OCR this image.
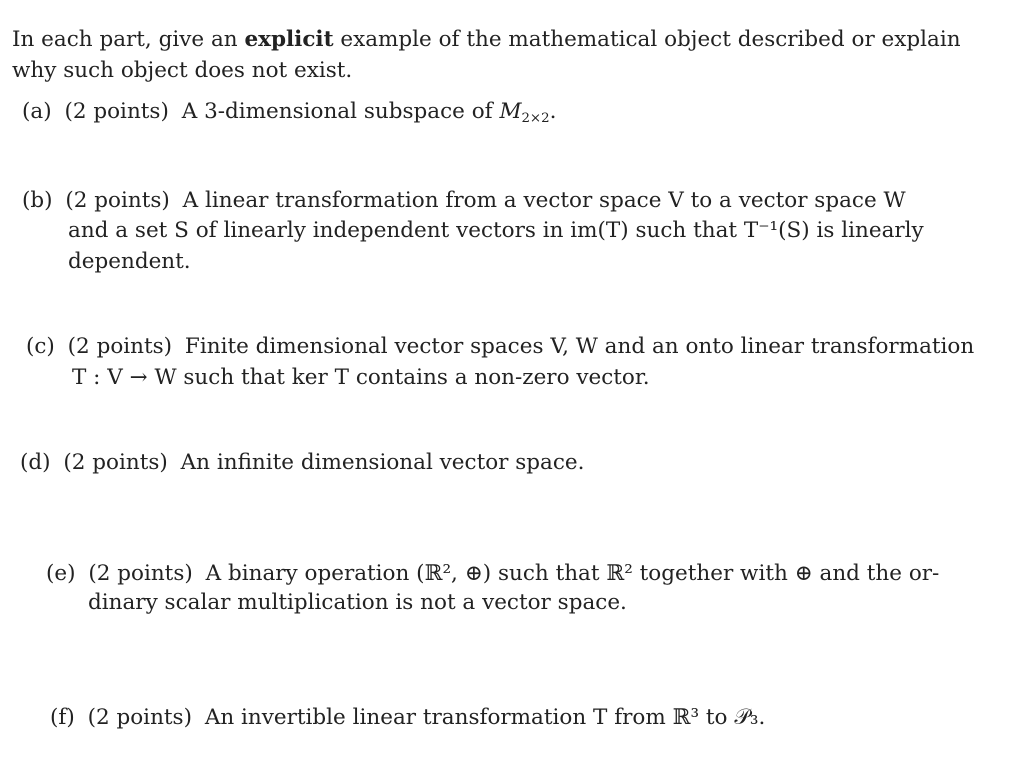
In each part, give an explicit example of the mathematical object described or explain
why such object does not exist.
(a) (2 points) A 3-dimensional subspace of $M_{2\times 2}$.
(b) (2 points) A linear transformation from a vector space V to a vector space W
and a set S of linearly independent vectors in im(T) such that T⁻¹(S) is linearly
dependent.
(c) (2 points) Finite dimensional vector spaces V, W and an onto linear transformation
T : V → W such that ker T contains a non-zero vector.
(d) (2 points) An infinite dimensional vector space.
(e) (2 points) A binary operation (ℝ², ⊕) such that ℝ² together with ⊕ and the or-
dinary scalar multiplication is not a vector space.
(f) (2 points) An invertible linear transformation T from ℝ³ to 𝒫₃.
